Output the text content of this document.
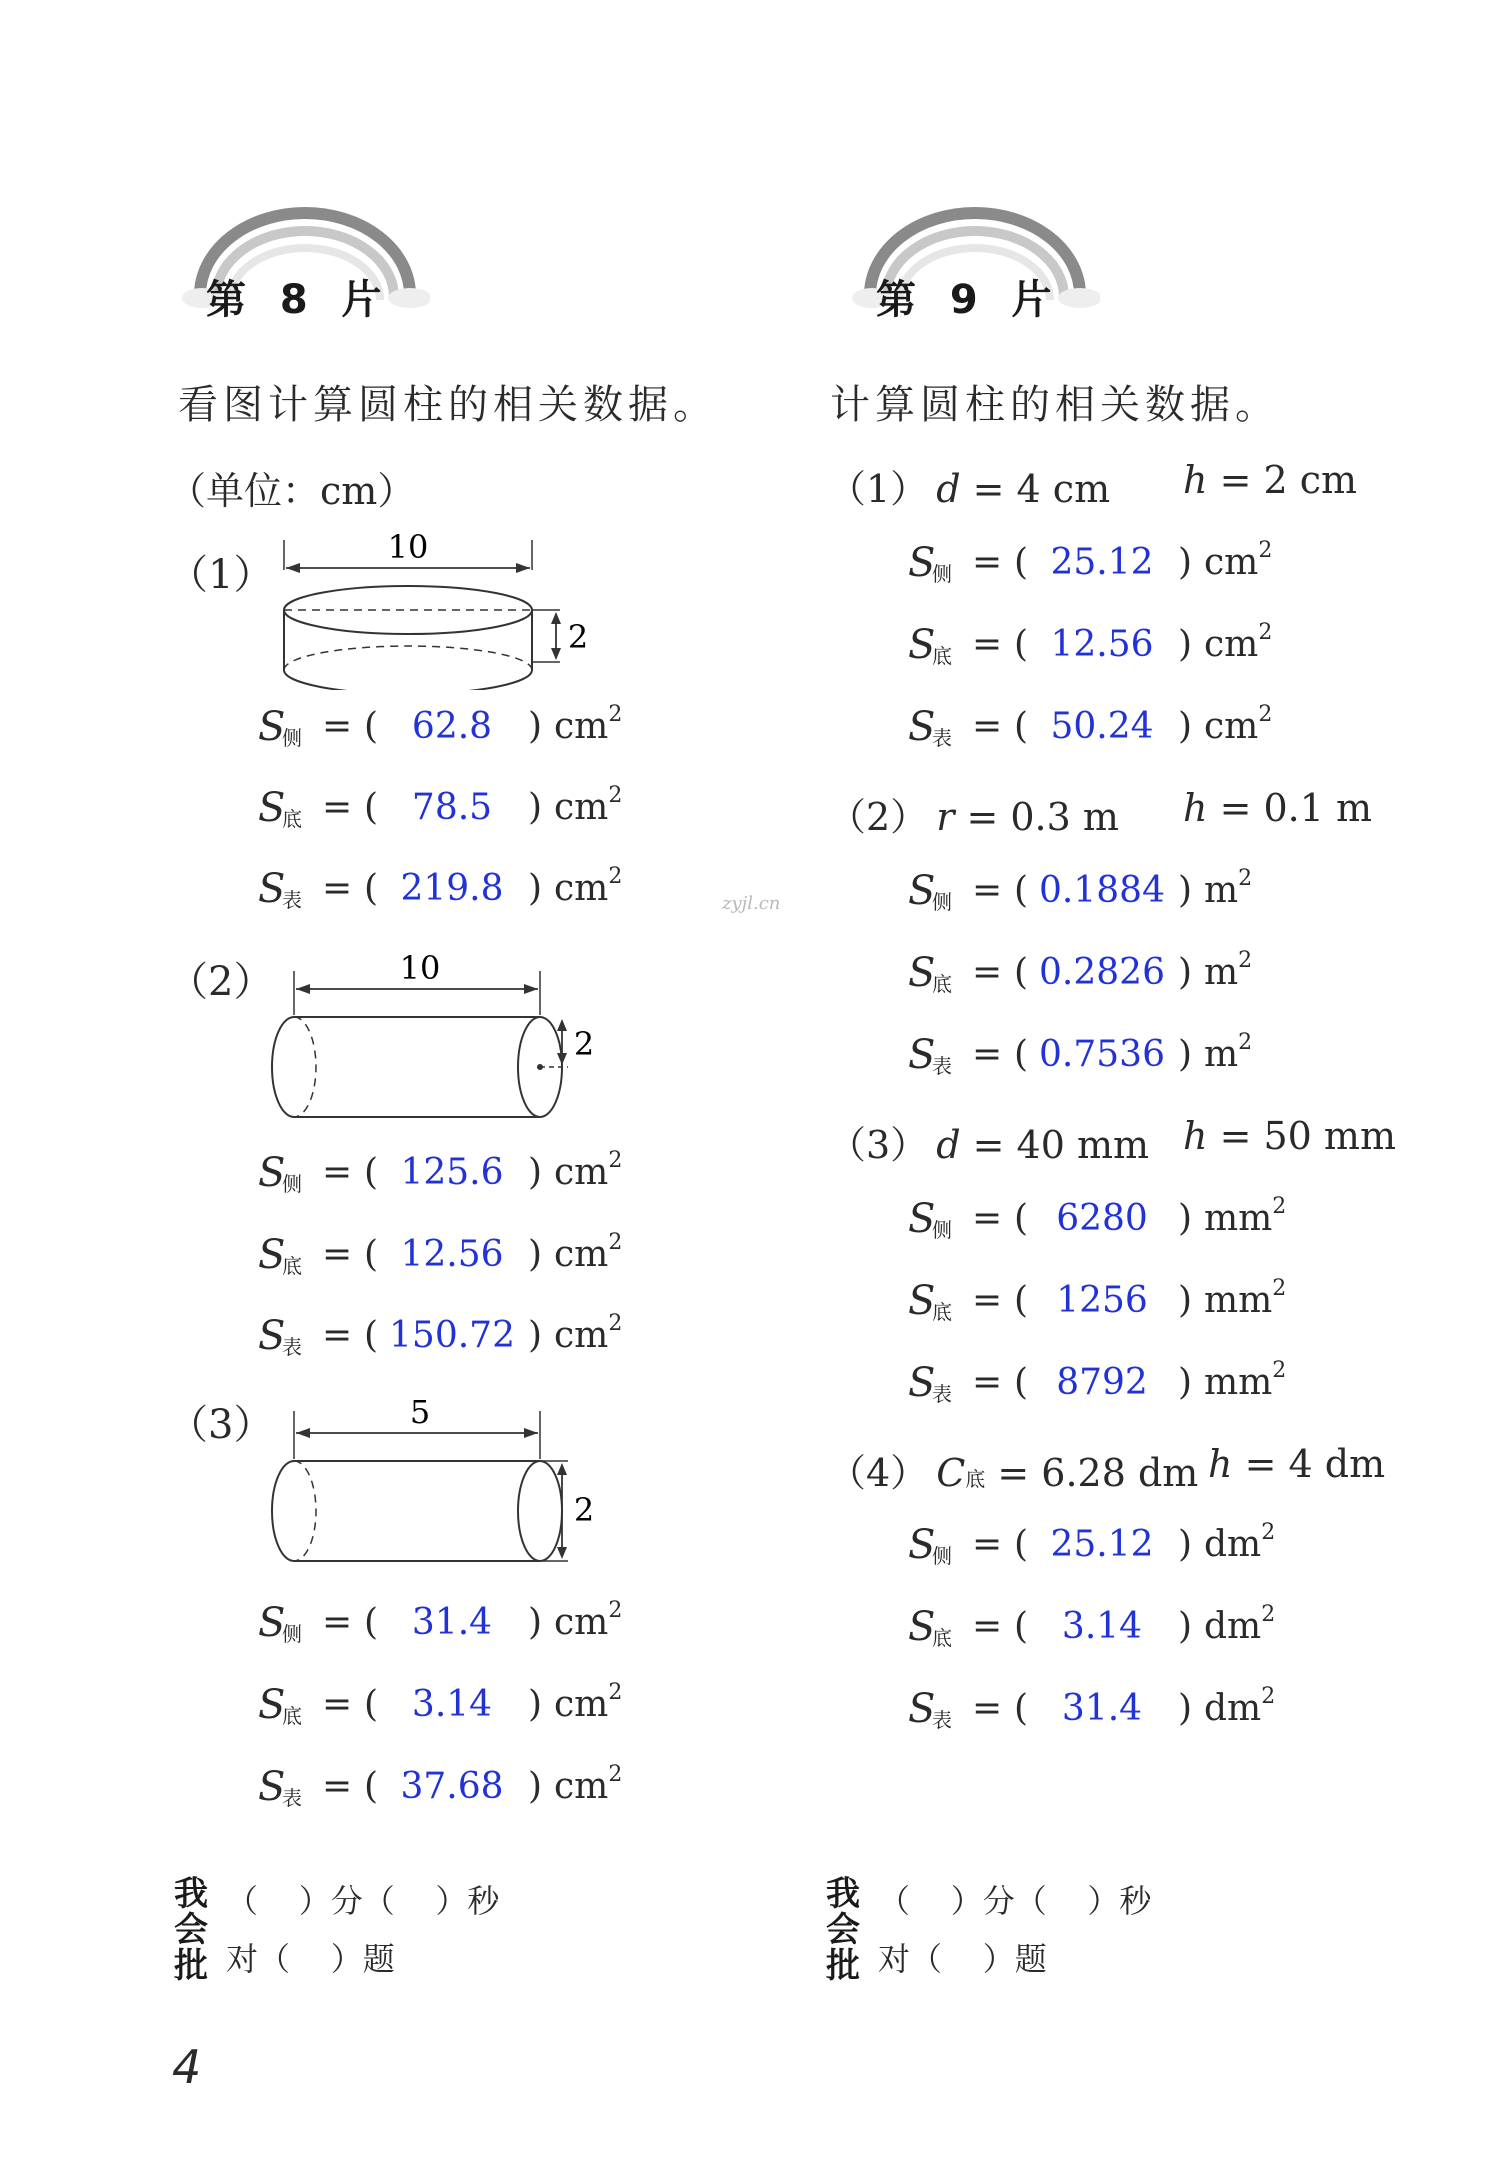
第  8  片
看图计算圆柱的相关数据。
（单位：cm）
（1）
10
2
S
侧 = ( 62.8 ) $cm^2$
S
底 = ( 78.5 ) $cm^2$
S
表 = ( 219.8 ) $cm^2$
（2）	10
2
S
侧 = ( 125.6 ) $cm^2$
S
底 = ( 12.56 ) $cm^2$
S
表 = ( 150.72 ) $cm^2$
（3）	5
2
S
侧 = ( 31.4 ) $cm^2$
S
底 = ( 3.14 ) $cm^2$
S
表 = ( 37.68 ) $cm^2$
我
会
批
（    ）分（    ）秒
对（    ）题
4
第  9  片
计算圆柱的相关数据。
（1） d = 4 cm h = 2 cm
S
侧 = ( 25.12 ) $cm^2$
S
底 = ( 12.56 ) $cm^2$
S
表 = ( 50.24 ) $cm^2$
（2） r = 0.3 m h = 0.1 m
S
侧 = ( 0.1884 ) $m^2$
S
底 = ( 0.2826 ) $m^2$
S
表 = ( 0.7536 ) $m^2$
（3） d = 40 mm h = 50 mm
S
侧 = ( 6280 ) $mm^2$
S
底 = ( 1256 ) $mm^2$
S
表 = ( 8792 ) $mm^2$
（4） C底 = 6.28 dm h = 4 dm
S
侧 = ( 25.12 ) $dm^2$
S
底 = ( 3.14 ) $dm^2$
S
表 = ( 31.4 ) $dm^2$
我
会
批
（    ）分（    ）秒
对（    ）题
zyjl.cn
